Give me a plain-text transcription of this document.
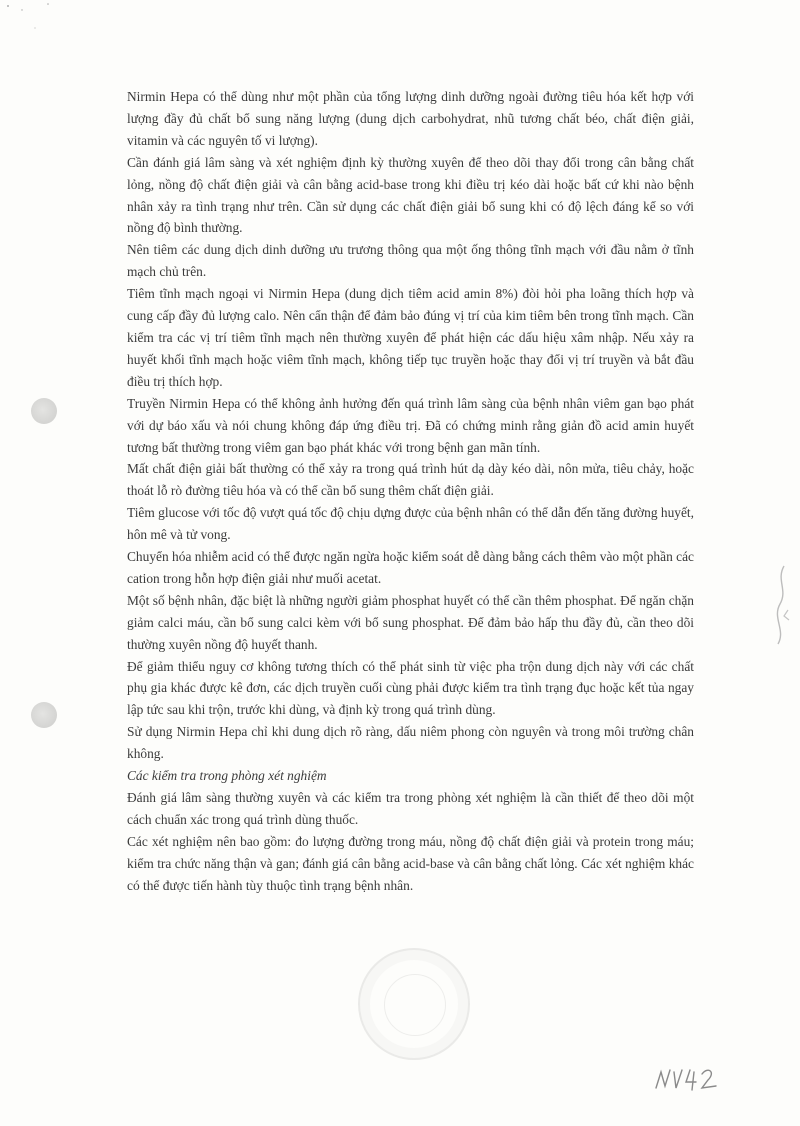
Nirmin Hepa có thể dùng như một phần của tổng lượng dinh dưỡng ngoài đường tiêu hóa kết hợp với lượng đầy đủ chất bổ sung năng lượng (dung dịch carbohydrat, nhũ tương chất béo, chất điện giải, vitamin và các nguyên tố vi lượng).

Cần đánh giá lâm sàng và xét nghiệm định kỳ thường xuyên để theo dõi thay đổi trong cân bằng chất lỏng, nồng độ chất điện giải và cân bằng acid-base trong khi điều trị kéo dài hoặc bất cứ khi nào bệnh nhân xảy ra tình trạng như trên. Cần sử dụng các chất điện giải bổ sung khi có độ lệch đáng kể so với nồng độ bình thường.

Nên tiêm các dung dịch dinh dưỡng ưu trương thông qua một ống thông tĩnh mạch với đầu nằm ở tĩnh mạch chủ trên.

Tiêm tĩnh mạch ngoại vi Nirmin Hepa (dung dịch tiêm acid amin 8%) đòi hỏi pha loãng thích hợp và cung cấp đầy đủ lượng calo. Nên cẩn thận để đảm bảo đúng vị trí của kim tiêm bên trong tĩnh mạch. Cần kiểm tra các vị trí tiêm tĩnh mạch nên thường xuyên để phát hiện các dấu hiệu xâm nhập. Nếu xảy ra huyết khối tĩnh mạch hoặc viêm tĩnh mạch, không tiếp tục truyền hoặc thay đổi vị trí truyền và bắt đầu điều trị thích hợp.

Truyền Nirmin Hepa có thể không ảnh hưởng đến quá trình lâm sàng của bệnh nhân viêm gan bạo phát với dự báo xấu và nói chung không đáp ứng điều trị. Đã có chứng minh rằng giản đồ acid amin huyết tương bất thường trong viêm gan bạo phát khác với trong bệnh gan mãn tính.

Mất chất điện giải bất thường có thể xảy ra trong quá trình hút dạ dày kéo dài, nôn mửa, tiêu chảy, hoặc thoát lỗ rò đường tiêu hóa và có thể cần bổ sung thêm chất điện giải.

Tiêm glucose với tốc độ vượt quá tốc độ chịu dựng được của bệnh nhân có thể dẫn đến tăng đường huyết, hôn mê và tử vong.

Chuyển hóa nhiễm acid có thể được ngăn ngừa hoặc kiểm soát dễ dàng bằng cách thêm vào một phần các cation trong hỗn hợp điện giải như muối acetat.

Một số bệnh nhân, đặc biệt là những người giảm phosphat huyết có thể cần thêm phosphat. Để ngăn chặn giảm calci máu, cần bổ sung calci kèm với bổ sung phosphat. Để đảm bảo hấp thu đầy đủ, cần theo dõi thường xuyên nồng độ huyết thanh.

Để giảm thiểu nguy cơ không tương thích có thể phát sinh từ việc pha trộn dung dịch này với các chất phụ gia khác được kê đơn, các dịch truyền cuối cùng phải được kiểm tra tình trạng đục hoặc kết tủa ngay lập tức sau khi trộn, trước khi dùng, và định kỳ trong quá trình dùng.

Sử dụng Nirmin Hepa chỉ khi dung dịch rõ ràng, dấu niêm phong còn nguyên và trong môi trường chân không.

Các kiểm tra trong phòng xét nghiệm

Đánh giá lâm sàng thường xuyên và các kiểm tra trong phòng xét nghiệm là cần thiết để theo dõi một cách chuẩn xác trong quá trình dùng thuốc.

Các xét nghiệm nên bao gồm: đo lượng đường trong máu, nồng độ chất điện giải và protein trong máu; kiểm tra chức năng thận và gan; đánh giá cân bằng acid-base và cân bằng chất lỏng. Các xét nghiệm khác có thể được tiến hành tùy thuộc tình trạng bệnh nhân.
